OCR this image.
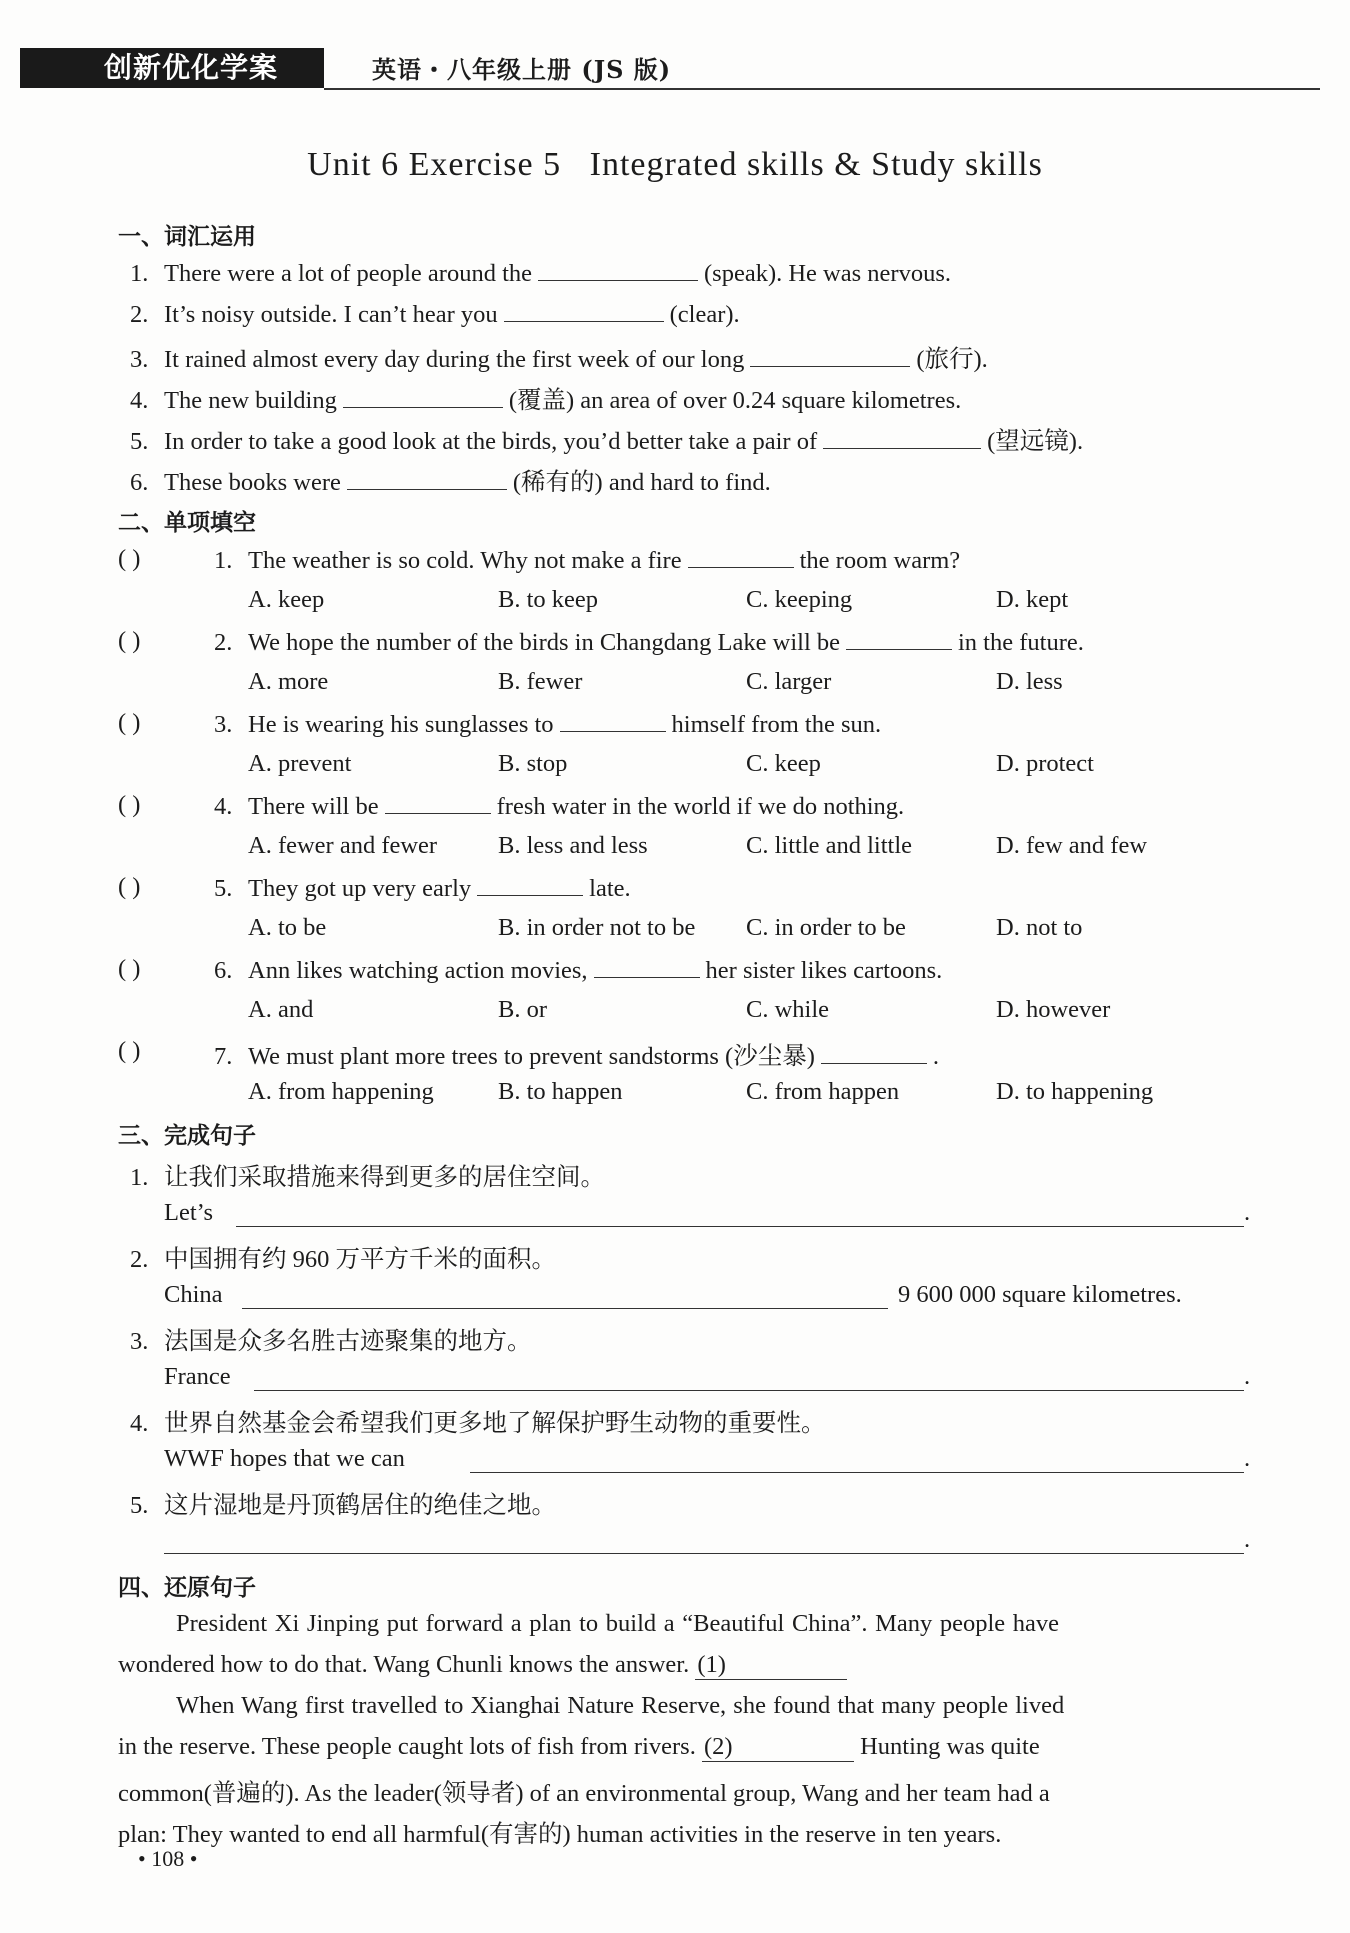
创新优化学案	英语・八年级上册 (JS 版)
Unit 6 Exercise 5   Integrated skills & Study skills
一、词汇运用
1. There were a lot of people around the	(speak). He was nervous.
2. It’s noisy outside. I can’t hear you	(clear).
3. It rained almost every day during the first week of our long	(旅行).
4. The new building	(覆盖) an area of over 0.24 square kilometres.
5. In order to take a good look at the birds, you’d better take a pair of	(望远镜).
6. These books were	(稀有的) and hard to find.
二、单项填空
( )	1. The weather is so cold. Why not make a fire	the room warm?
A. keep	B. to keep	C. keeping	D. kept
( )	2. We hope the number of the birds in Changdang Lake will be	in the future.
A. more	B. fewer	C. larger	D. less
( )	3. He is wearing his sunglasses to	himself from the sun.
A. prevent	B. stop	C. keep	D. protect
( )	4. There will be	fresh water in the world if we do nothing.
A. fewer and fewer B. less and less	C. little and little	D. few and few
( )	5. They got up very early	late.
A. to be	B. in order not to be C. in order to be	D. not to
( )	6. Ann likes watching action movies,	her sister likes cartoons.
A. and	B. or	C. while	D. however
( )	7. We must plant more trees to prevent sandstorms (沙尘暴)	.
A. from happening	B. to happen	C. from happen	D. to happening
三、完成句子
1. 让我们采取措施来得到更多的居住空间。
Let’s	.
2. 中国拥有约 960 万平方千米的面积。
China	9 600 000 square kilometres.
3. 法国是众多名胜古迹聚集的地方。
France	.
4. 世界自然基金会希望我们更多地了解保护野生动物的重要性。
WWF hopes that we can	.
5. 这片湿地是丹顶鹤居住的绝佳之地。
.
四、还原句子
President Xi Jinping put forward a plan to build a “Beautiful China”. Many people have
wondered how to do that. Wang Chunli knows the answer. (1)
When Wang first travelled to Xianghai Nature Reserve, she found that many people lived
in the reserve. These people caught lots of fish from rivers. (2)	Hunting was quite
common(普遍的). As the leader(领导者) of an environmental group, Wang and her team had a
plan: They wanted to end all harmful(有害的) human activities in the reserve in ten years.
• 108 •
